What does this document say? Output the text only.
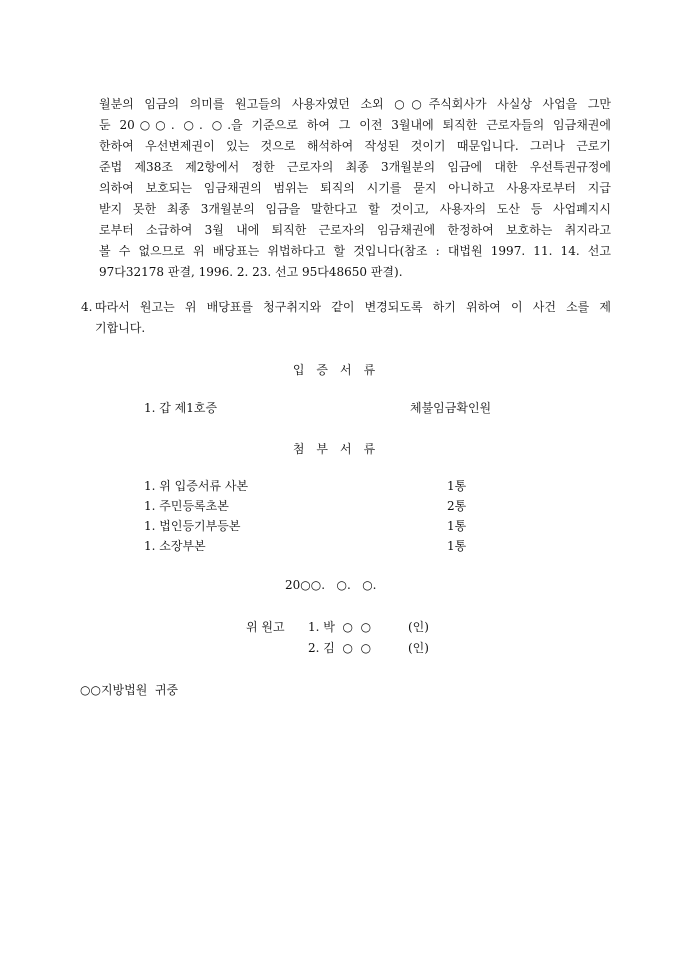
월분의 임금의 의미를 원고들의 사용자였던 소외 ○○주식회사가 사실상 사업을 그만
둔 20○○. ○. ○.을 기준으로 하여 그 이전 3월내에 퇴직한 근로자들의 임금채권에
한하여 우선변제권이 있는 것으로 해석하여 작성된 것이기 때문입니다. 그러나 근로기
준법 제38조 제2항에서 정한 근로자의 최종 3개월분의 임금에 대한 우선특권규정에
의하여 보호되는 임금채권의 범위는 퇴직의 시기를 묻지 아니하고 사용자로부터 지급
받지 못한 최종 3개월분의 임금을 말한다고 할 것이고, 사용자의 도산 등 사업폐지시
로부터 소급하여 3월 내에 퇴직한 근로자의 임금채권에 한정하여 보호하는 취지라고
볼 수 없으므로 위 배당표는 위법하다고 할 것입니다(참조 : 대법원 1997. 11. 14. 선고
97다32178 판결, 1996. 2. 23. 선고 95다48650 판결).
4. 따라서 원고는 위 배당표를 청구취지와 같이 변경되도록 하기 위하여 이 사건 소를 제
기합니다.
입증서류
1. 갑 제1호증	체불임금확인원
첨부서류
1. 위 입증서류 사본	1통
1. 주민등록초본	2통
1. 법인등기부등본	1통
1. 소장부본	1통
20○○.   ○.   ○.
위 원고 1. 박  ○  ○	(인)
2. 김  ○  ○	(인)
○○지방법원  귀중
